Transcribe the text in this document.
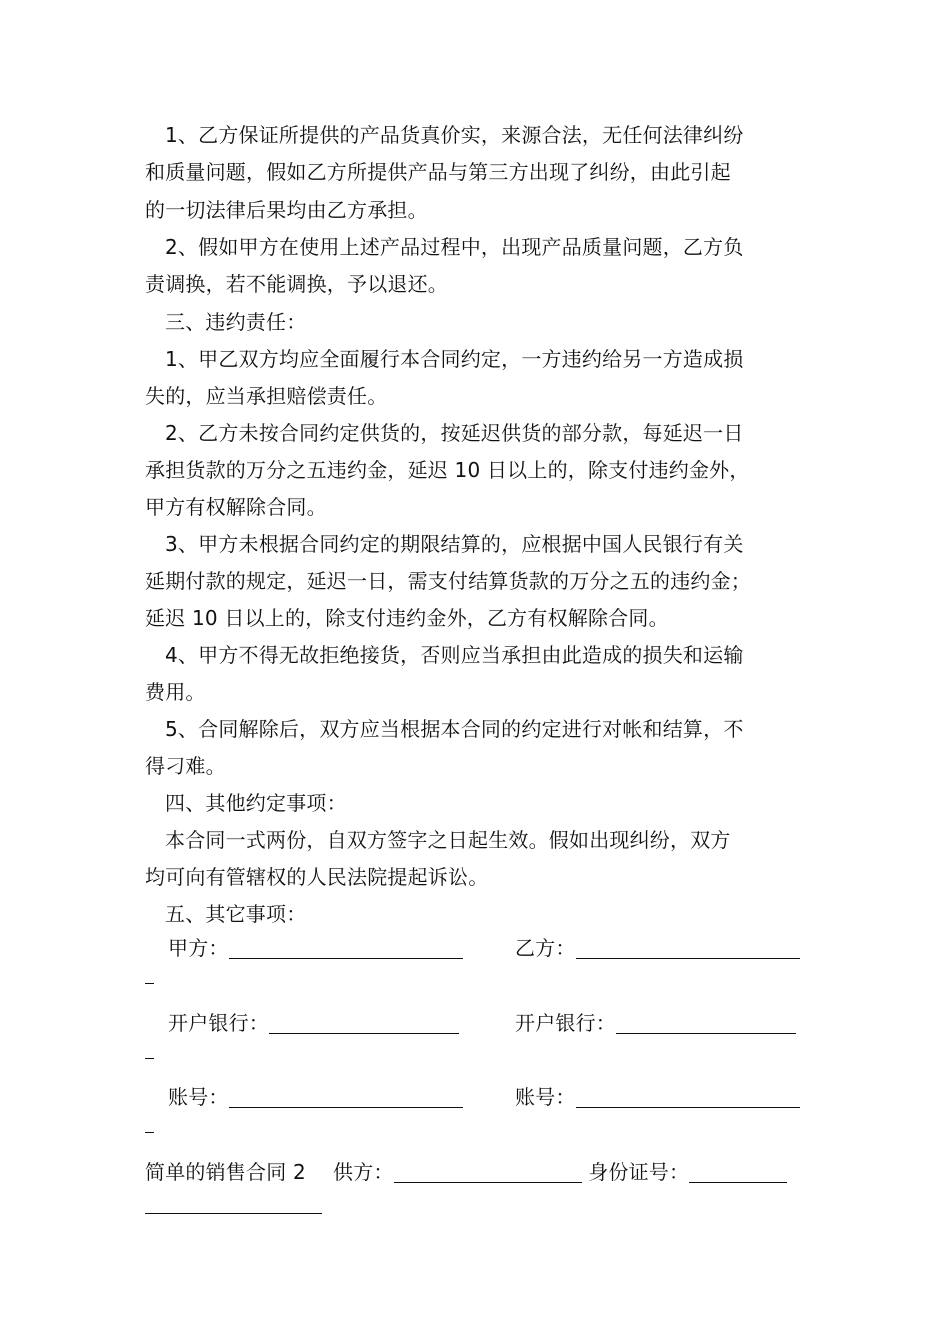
1、乙方保证所提供的产品货真价实，来源合法，无任何法律纠纷
和质量问题，假如乙方所提供产品与第三方出现了纠纷，由此引起
的一切法律后果均由乙方承担。
2、假如甲方在使用上述产品过程中，出现产品质量问题，乙方负
责调换，若不能调换，予以退还。
三、违约责任：
1、甲乙双方均应全面履行本合同约定，一方违约给另一方造成损
失的，应当承担赔偿责任。
2、乙方未按合同约定供货的，按延迟供货的部分款，每延迟一日
承担货款的万分之五违约金，延迟 10 日以上的，除支付违约金外，
甲方有权解除合同。
3、甲方未根据合同约定的期限结算的，应根据中国人民银行有关
延期付款的规定，延迟一日，需支付结算货款的万分之五的违约金；
延迟 10 日以上的，除支付违约金外，乙方有权解除合同。
4、甲方不得无故拒绝接货，否则应当承担由此造成的损失和运输
费用。
5、合同解除后，双方应当根据本合同的约定进行对帐和结算，不
得刁难。
四、其他约定事项：
本合同一式两份，自双方签字之日起生效。假如出现纠纷，双方
均可向有管辖权的人民法院提起诉讼。
五、其它事项：
甲方：	乙方：
开户银行：	开户银行：
账号：	账号：
简单的销售合同 2 供方：	身份证号：
